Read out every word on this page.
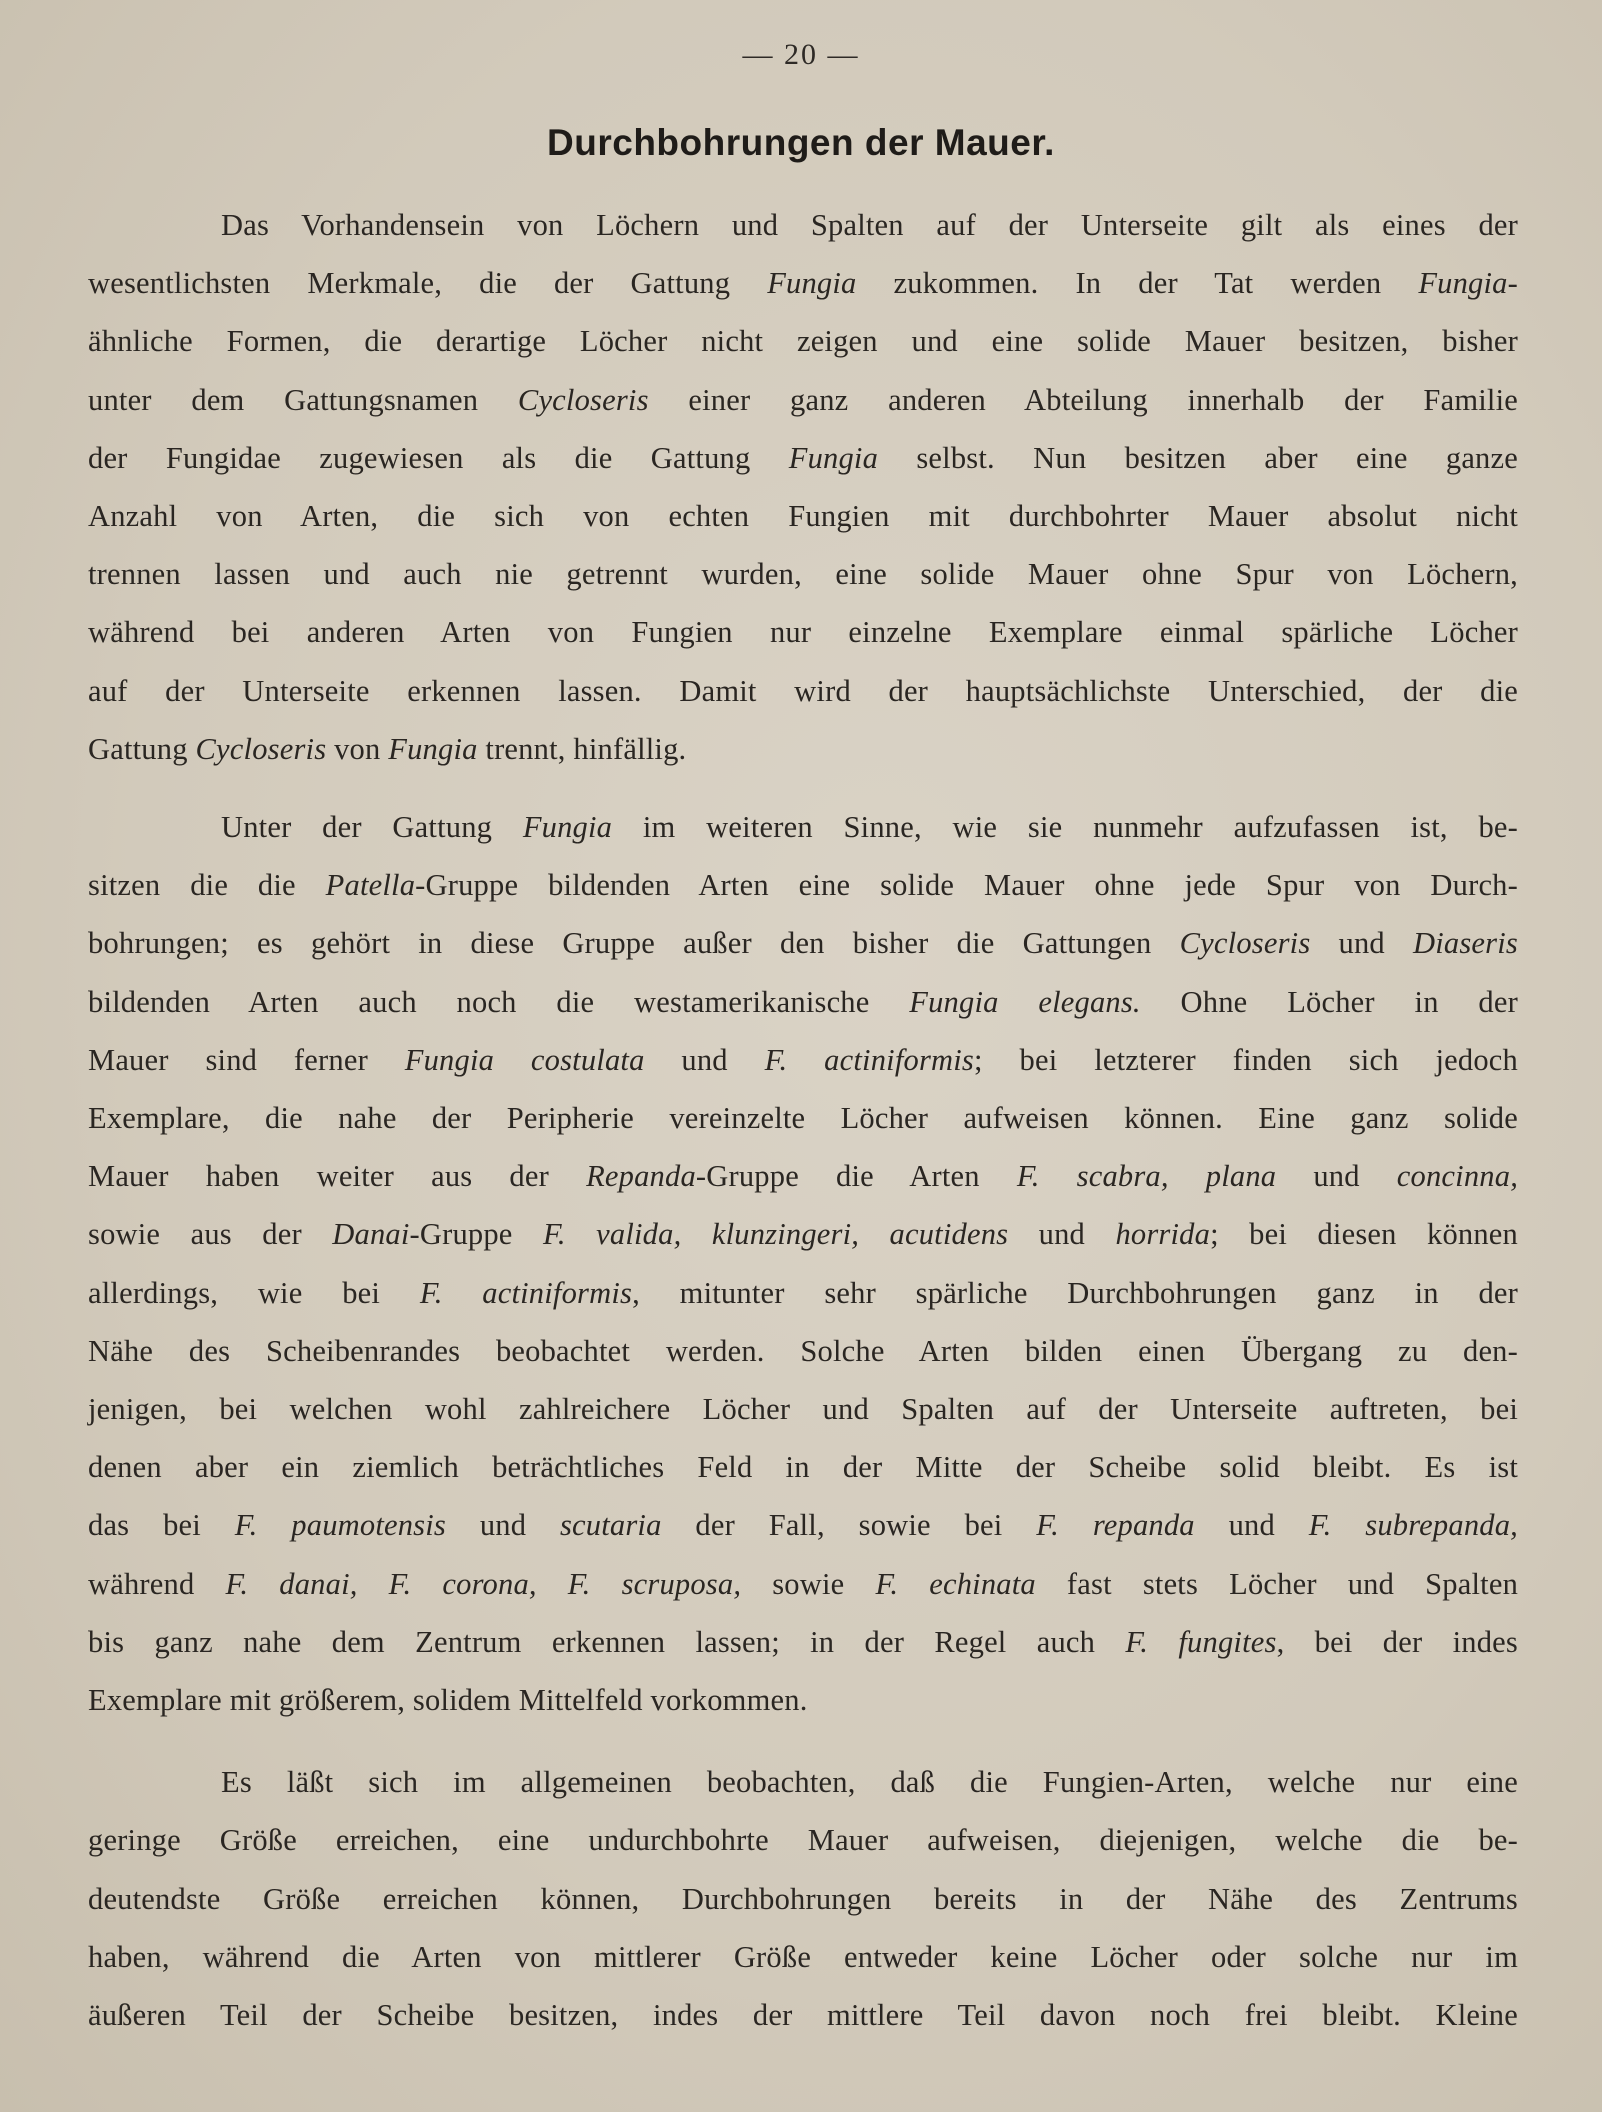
— 20 —
Durchbohrungen der Mauer.

Das Vorhandensein von Löchern und Spalten auf der Unterseite gilt als eines der
wesentlichsten Merkmale, die der Gattung Fungia zukommen. In der Tat werden Fungia-
ähnliche Formen, die derartige Löcher nicht zeigen und eine solide Mauer besitzen, bisher
unter dem Gattungsnamen Cycloseris einer ganz anderen Abteilung innerhalb der Familie
der Fungidae zugewiesen als die Gattung Fungia selbst. Nun besitzen aber eine ganze
Anzahl von Arten, die sich von echten Fungien mit durchbohrter Mauer absolut nicht
trennen lassen und auch nie getrennt wurden, eine solide Mauer ohne Spur von Löchern,
während bei anderen Arten von Fungien nur einzelne Exemplare einmal spärliche Löcher
auf der Unterseite erkennen lassen. Damit wird der hauptsächlichste Unterschied, der die
Gattung Cycloseris von Fungia trennt, hinfällig.

Unter der Gattung Fungia im weiteren Sinne, wie sie nunmehr aufzufassen ist, be-
sitzen die die Patella-Gruppe bildenden Arten eine solide Mauer ohne jede Spur von Durch-
bohrungen; es gehört in diese Gruppe außer den bisher die Gattungen Cycloseris und Diaseris
bildenden Arten auch noch die westamerikanische Fungia elegans. Ohne Löcher in der
Mauer sind ferner Fungia costulata und F. actiniformis; bei letzterer finden sich jedoch
Exemplare, die nahe der Peripherie vereinzelte Löcher aufweisen können. Eine ganz solide
Mauer haben weiter aus der Repanda-Gruppe die Arten F. scabra, plana und concinna,
sowie aus der Danai-Gruppe F. valida, klunzingeri, acutidens und horrida; bei diesen können
allerdings, wie bei F. actiniformis, mitunter sehr spärliche Durchbohrungen ganz in der
Nähe des Scheibenrandes beobachtet werden. Solche Arten bilden einen Übergang zu den-
jenigen, bei welchen wohl zahlreichere Löcher und Spalten auf der Unterseite auftreten, bei
denen aber ein ziemlich beträchtliches Feld in der Mitte der Scheibe solid bleibt. Es ist
das bei F. paumotensis und scutaria der Fall, sowie bei F. repanda und F. subrepanda,
während F. danai, F. corona, F. scruposa, sowie F. echinata fast stets Löcher und Spalten
bis ganz nahe dem Zentrum erkennen lassen; in der Regel auch F. fungites, bei der indes
Exemplare mit größerem, solidem Mittelfeld vorkommen.

Es läßt sich im allgemeinen beobachten, daß die Fungien-Arten, welche nur eine
geringe Größe erreichen, eine undurchbohrte Mauer aufweisen, diejenigen, welche die be-
deutendste Größe erreichen können, Durchbohrungen bereits in der Nähe des Zentrums
haben, während die Arten von mittlerer Größe entweder keine Löcher oder solche nur im
äußeren Teil der Scheibe besitzen, indes der mittlere Teil davon noch frei bleibt. Kleine
